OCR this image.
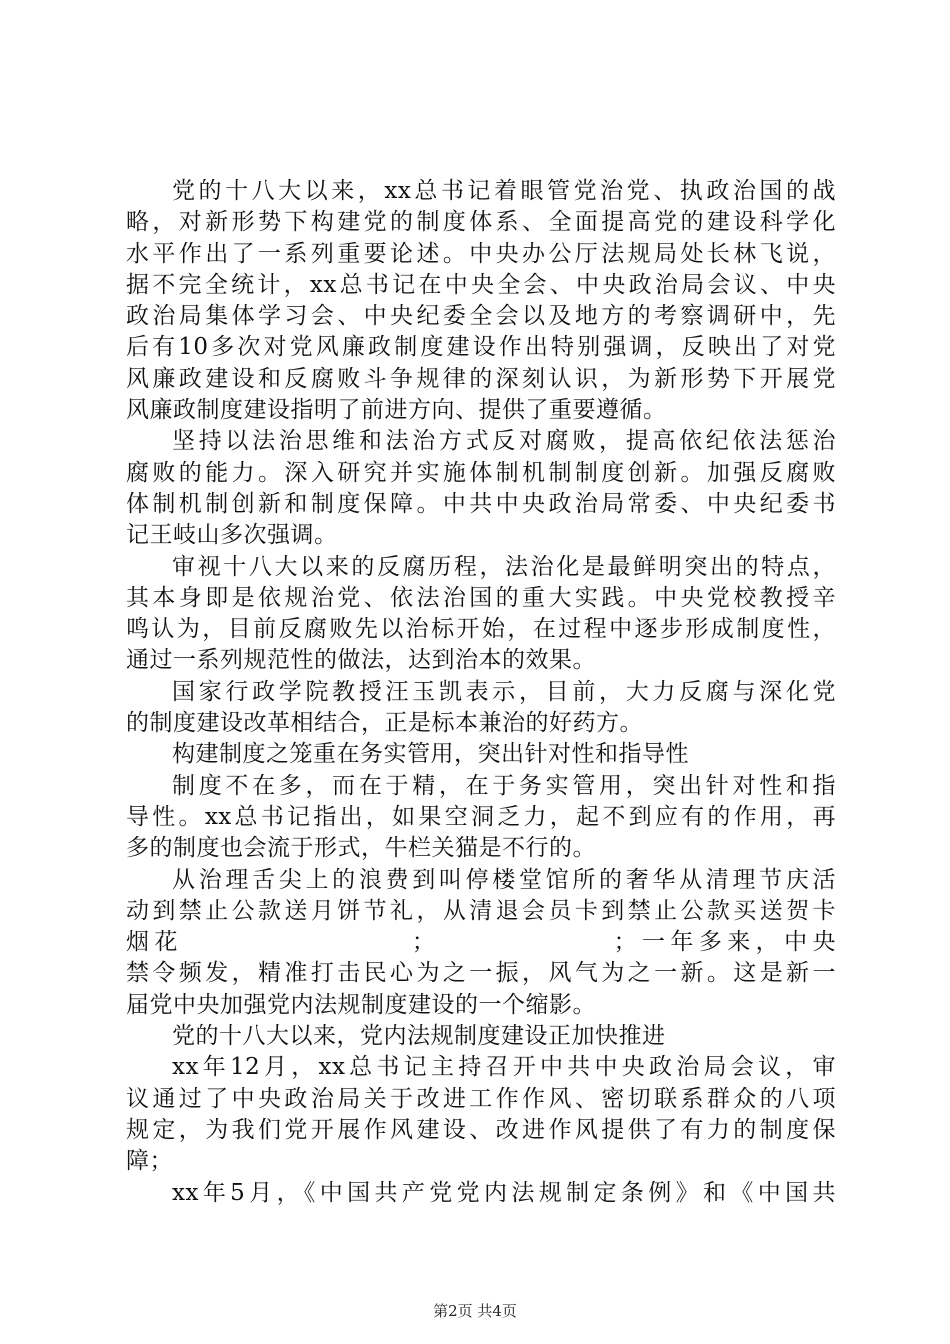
党的十八大以来，xx总书记着眼管党治党、执政治国的战
略，对新形势下构建党的制度体系、全面提高党的建设科学化
水平作出了一系列重要论述。中央办公厅法规局处长林飞说，
据不完全统计，xx总书记在中央全会、中央政治局会议、中央
政治局集体学习会、中央纪委全会以及地方的考察调研中，先
后有10多次对党风廉政制度建设作出特别强调，反映出了对党
风廉政建设和反腐败斗争规律的深刻认识，为新形势下开展党
风廉政制度建设指明了前进方向、提供了重要遵循。

坚持以法治思维和法治方式反对腐败，提高依纪依法惩治
腐败的能力。深入研究并实施体制机制制度创新。加强反腐败
体制机制创新和制度保障。中共中央政治局常委、中央纪委书
记王岐山多次强调。

审视十八大以来的反腐历程，法治化是最鲜明突出的特点，
其本身即是依规治党、依法治国的重大实践。中央党校教授辛
鸣认为，目前反腐败先以治标开始，在过程中逐步形成制度性，
通过一系列规范性的做法，达到治本的效果。

国家行政学院教授汪玉凯表示，目前，大力反腐与深化党
的制度建设改革相结合，正是标本兼治的好药方。

构建制度之笼重在务实管用，突出针对性和指导性

制度不在多，而在于精，在于务实管用，突出针对性和指
导性。xx总书记指出，如果空洞乏力，起不到应有的作用，再
多的制度也会流于形式，牛栏关猫是不行的。

从治理舌尖上的浪费到叫停楼堂馆所的奢华从清理节庆活
动到禁止公款送月饼节礼，从清退会员卡到禁止公款买送贺卡
烟花                  ；              ；一年多来，中央
禁令频发，精准打击民心为之一振，风气为之一新。这是新一
届党中央加强党内法规制度建设的一个缩影。

党的十八大以来，党内法规制度建设正加快推进

xx年12月，xx总书记主持召开中共中央政治局会议，审
议通过了中央政治局关于改进工作作风、密切联系群众的八项
规定，为我们党开展作风建设、改进作风提供了有力的制度保
障；

xx年5月，《中国共产党党内法规制定条例》和《中国共

第2页 共4页
